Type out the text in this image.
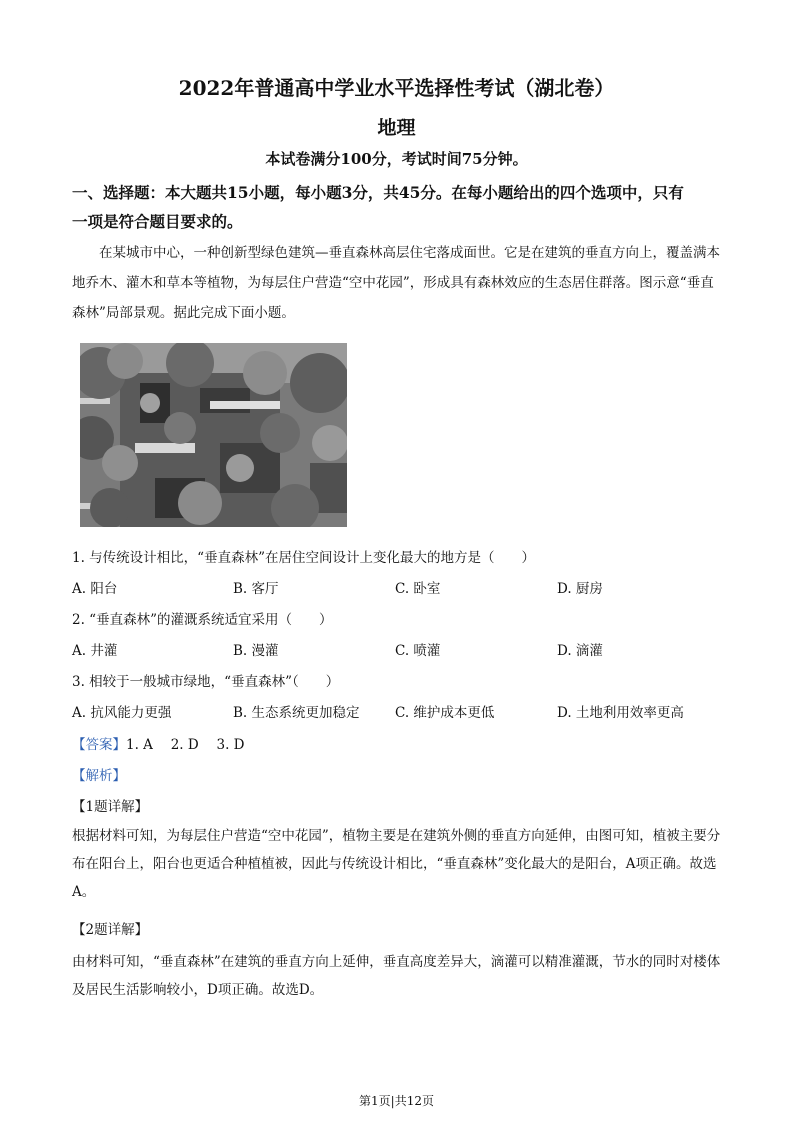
2022年普通高中学业水平选择性考试（湖北卷）
地理
本试卷满分100分，考试时间75分钟。
一、选择题：本大题共15小题，每小题3分，共45分。在每小题给出的四个选项中，只有
一项是符合题目要求的。
在某城市中心，一种创新型绿色建筑—垂直森林高层住宅落成面世。它是在建筑的垂直方向上，覆盖满本地乔木、灌木和草本等植物，为每层住户营造“空中花园”，形成具有森林效应的生态居住群落。图示意“垂直森林”局部景观。据此完成下面小题。
1. 与传统设计相比，“垂直森林”在居住空间设计上变化最大的地方是（　　）
A. 阳台	B. 客厅	C. 卧室	D. 厨房
2. “垂直森林”的灌溉系统适宜采用（　　）
A. 井灌	B. 漫灌	C. 喷灌	D. 滴灌
3. 相较于一般城市绿地，“垂直森林”（　　）
A. 抗风能力更强	B. 生态系统更加稳定	C. 维护成本更低	D. 土地利用效率更高
【答案】1. A　 2. D　 3. D
【解析】
【1题详解】
根据材料可知，为每层住户营造“空中花园”，植物主要是在建筑外侧的垂直方向延伸，由图可知，植被主要分布在阳台上，阳台也更适合种植植被，因此与传统设计相比，“垂直森林”变化最大的是阳台，A项正确。故选A。
【2题详解】
由材料可知，“垂直森林”在建筑的垂直方向上延伸，垂直高度差异大，滴灌可以精准灌溉，节水的同时对楼体及居民生活影响较小，D项正确。故选D。
第1页|共12页
